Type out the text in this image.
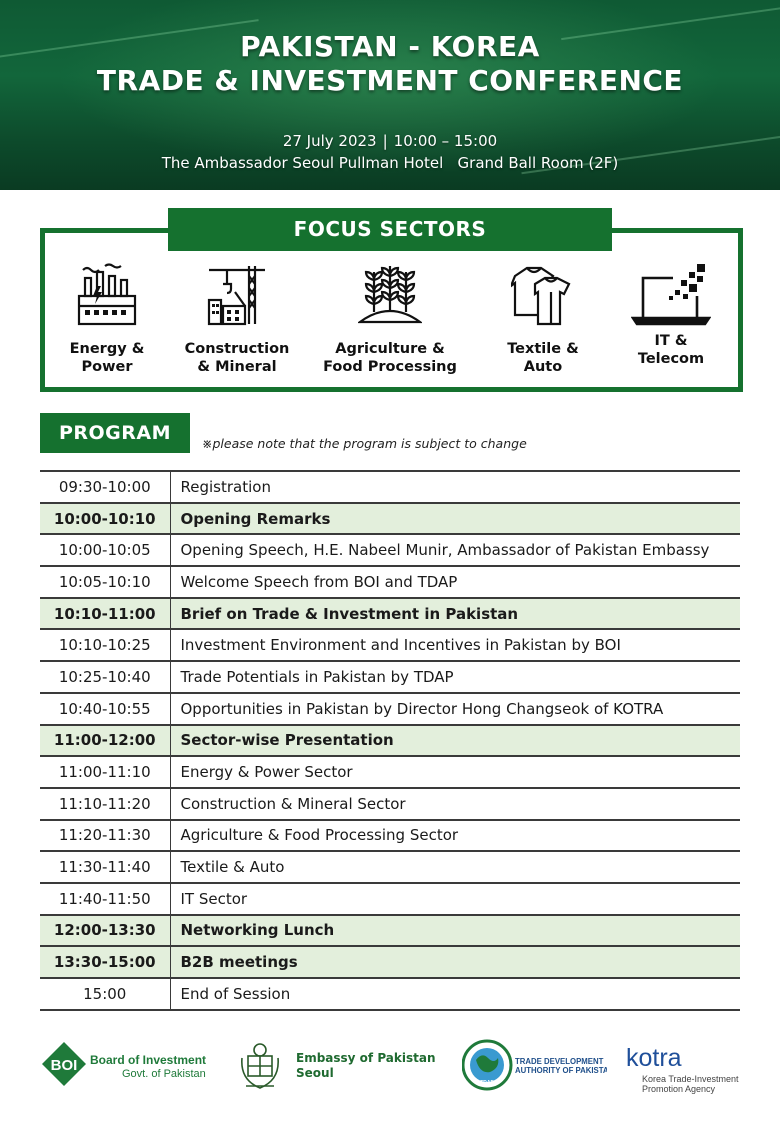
PAKISTAN - KOREA
TRADE & INVESTMENT CONFERENCE
27 July 2023 | 10:00 – 15:00
The Ambassador Seoul Pullman Hotel   Grand Ball Room (2F)
FOCUS SECTORS
Energy &
Power
Construction
& Mineral
Agriculture &
Food Processing
Textile &
Auto
IT &
Telecom
PROGRAM	※please note that the program is subject to change
09:30-10:00	Registration
10:00-10:10	Opening Remarks
10:00-10:05	Opening Speech, H.E. Nabeel Munir, Ambassador of Pakistan Embassy
10:05-10:10	Welcome Speech from BOI and TDAP
10:10-11:00	Brief on Trade & Investment in Pakistan
10:10-10:25	Investment Environment and Incentives in Pakistan by BOI
10:25-10:40	Trade Potentials in Pakistan by TDAP
10:40-10:55	Opportunities in Pakistan by Director Hong Changseok of KOTRA
11:00-12:00	Sector-wise Presentation
11:00-11:10	Energy & Power Sector
11:10-11:20	Construction & Mineral Sector
11:20-11:30	Agriculture & Food Processing Sector
11:30-11:40	Textile & Auto
11:40-11:50	IT Sector
12:00-13:30	Networking Lunch
13:30-15:00	B2B meetings
15:00	End of Session
BOI Board of Investment
Govt. of Pakistan
Embassy of Pakistan
Seoul
TDAP
TRADE DEVELOPMENT
AUTHORITY OF PAKISTAN kotra
Korea Trade-Investment
Promotion Agency
